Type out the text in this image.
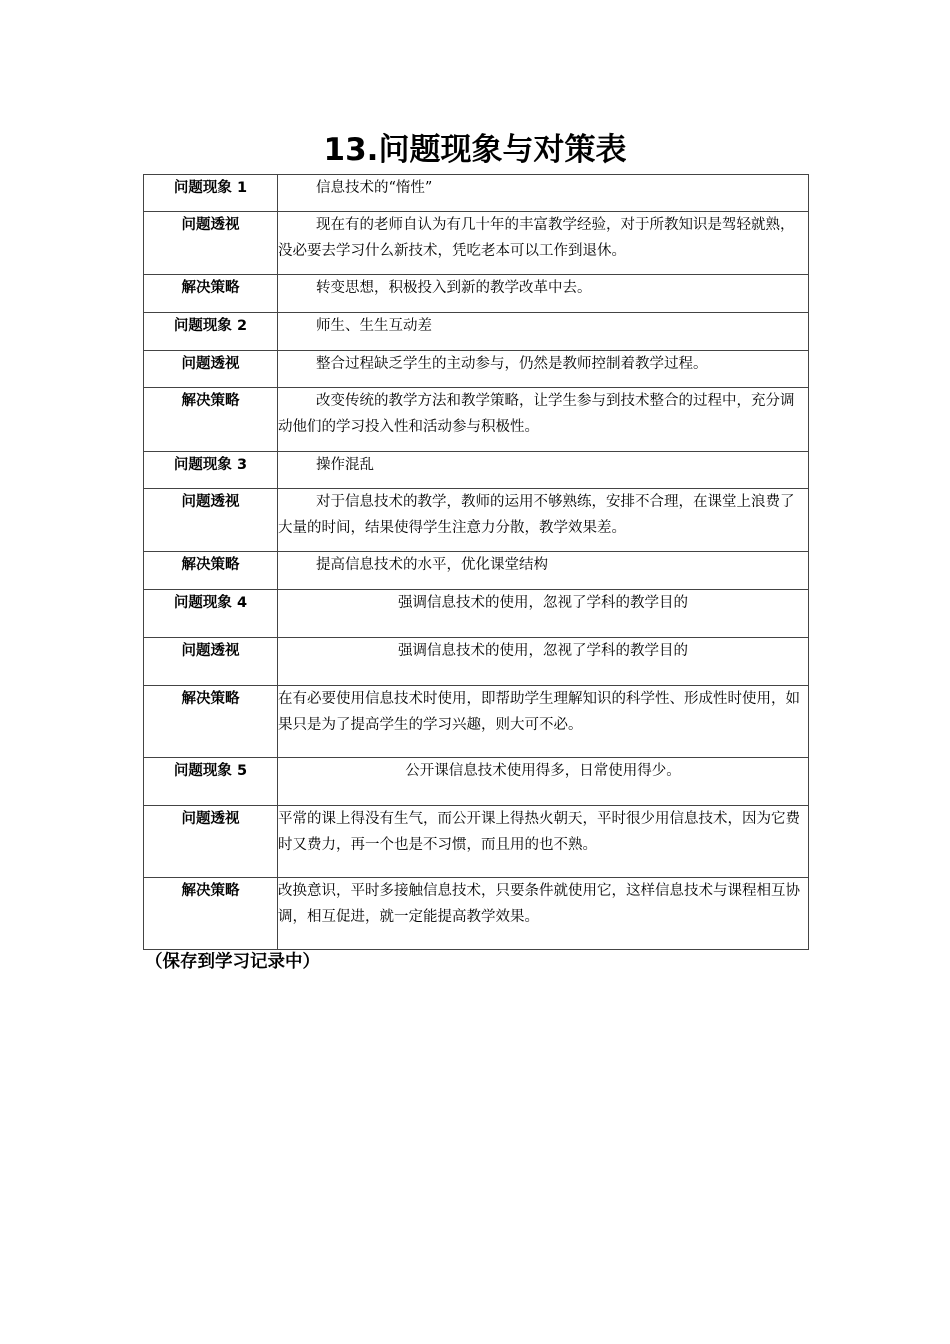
13.问题现象与对策表
问题现象 1	信息技术的“惰性”
问题透视	现在有的老师自认为有几十年的丰富教学经验，对于所教知识是驾轻就熟，没必要去学习什么新技术，凭吃老本可以工作到退休。
解决策略	转变思想，积极投入到新的教学改革中去。
问题现象 2	师生、生生互动差
问题透视	整合过程缺乏学生的主动参与，仍然是教师控制着教学过程。
解决策略	改变传统的教学方法和教学策略，让学生参与到技术整合的过程中，充分调动他们的学习投入性和活动参与积极性。
问题现象 3	操作混乱
问题透视	对于信息技术的教学，教师的运用不够熟练，安排不合理，在课堂上浪费了大量的时间，结果使得学生注意力分散，教学效果差。
解决策略	提高信息技术的水平，优化课堂结构
问题现象 4	强调信息技术的使用，忽视了学科的教学目的
问题透视	强调信息技术的使用，忽视了学科的教学目的
解决策略	在有必要使用信息技术时使用，即帮助学生理解知识的科学性、形成性时使用，如果只是为了提高学生的学习兴趣，则大可不必。
问题现象 5	公开课信息技术使用得多，日常使用得少。
问题透视	平常的课上得没有生气，而公开课上得热火朝天，平时很少用信息技术，因为它费时又费力，再一个也是不习惯，而且用的也不熟。
解决策略	改换意识，平时多接触信息技术，只要条件就使用它，这样信息技术与课程相互协调，相互促进，就一定能提高教学效果。
（保存到学习记录中）
